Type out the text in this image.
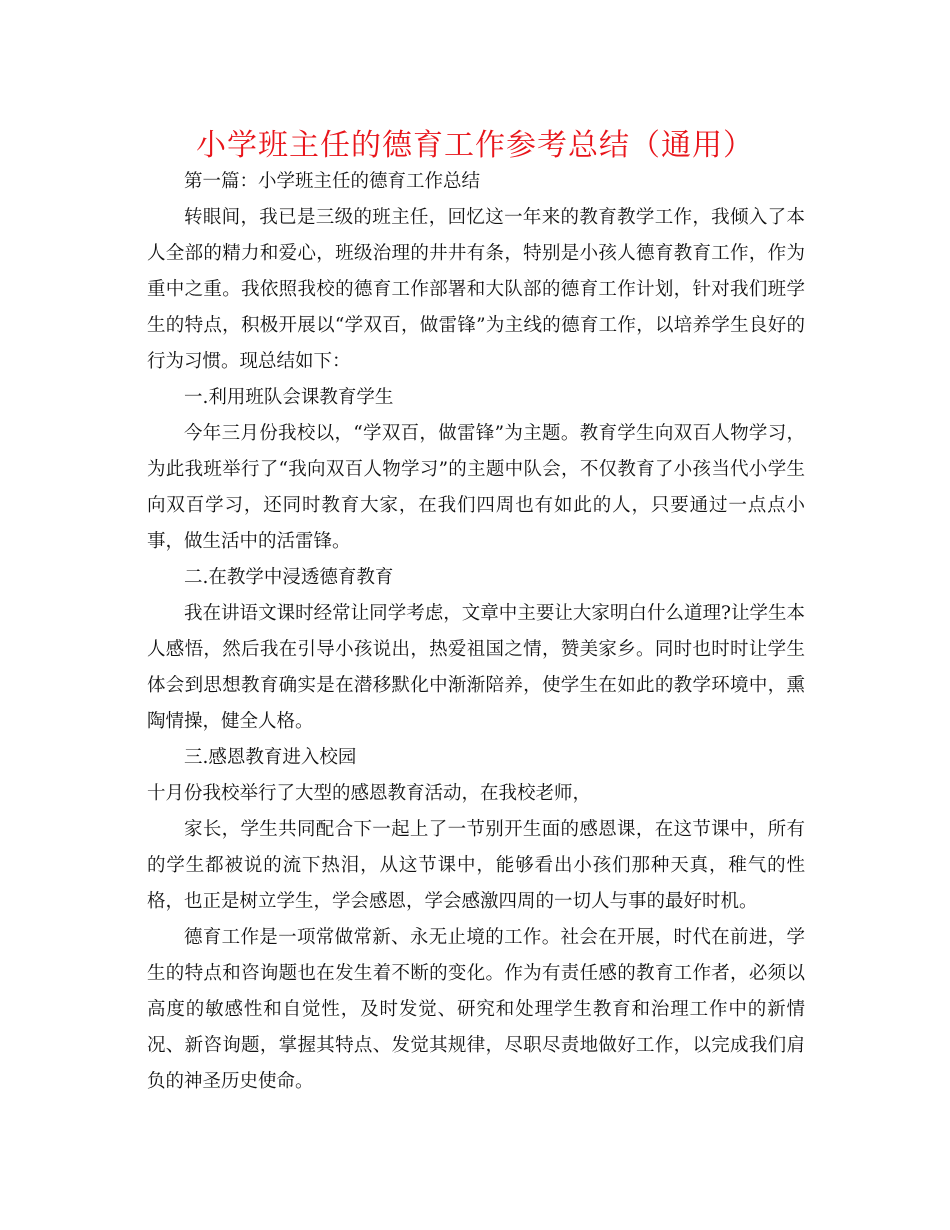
小学班主任的德育工作参考总结（通用）

第一篇：小学班主任的德育工作总结

转眼间，我已是三级的班主任，回忆这一年来的教育教学工作，我倾入了本人全部的精力和爱心，班级治理的井井有条，特别是小孩人德育教育工作，作为重中之重。我依照我校的德育工作部署和大队部的德育工作计划，针对我们班学生的特点，积极开展以“学双百，做雷锋”为主线的德育工作，以培养学生良好的行为习惯。现总结如下：

一.利用班队会课教育学生

今年三月份我校以，“学双百，做雷锋”为主题。教育学生向双百人物学习，为此我班举行了“我向双百人物学习”的主题中队会，不仅教育了小孩当代小学生向双百学习，还同时教育大家，在我们四周也有如此的人，只要通过一点点小事，做生活中的活雷锋。

二.在教学中浸透德育教育

我在讲语文课时经常让同学考虑，文章中主要让大家明白什么道理?让学生本人感悟，然后我在引导小孩说出，热爱祖国之情，赞美家乡。同时也时时让学生体会到思想教育确实是在潜移默化中渐渐陪养，使学生在如此的教学环境中，熏陶情操，健全人格。

三.感恩教育进入校园

十月份我校举行了大型的感恩教育活动，在我校老师，

家长，学生共同配合下一起上了一节别开生面的感恩课，在这节课中，所有的学生都被说的流下热泪，从这节课中，能够看出小孩们那种天真，稚气的性格，也正是树立学生，学会感恩，学会感激四周的一切人与事的最好时机。

德育工作是一项常做常新、永无止境的工作。社会在开展，时代在前进，学生的特点和咨询题也在发生着不断的变化。作为有责任感的教育工作者，必须以高度的敏感性和自觉性，及时发觉、研究和处理学生教育和治理工作中的新情况、新咨询题，掌握其特点、发觉其规律，尽职尽责地做好工作，以完成我们肩负的神圣历史使命。
